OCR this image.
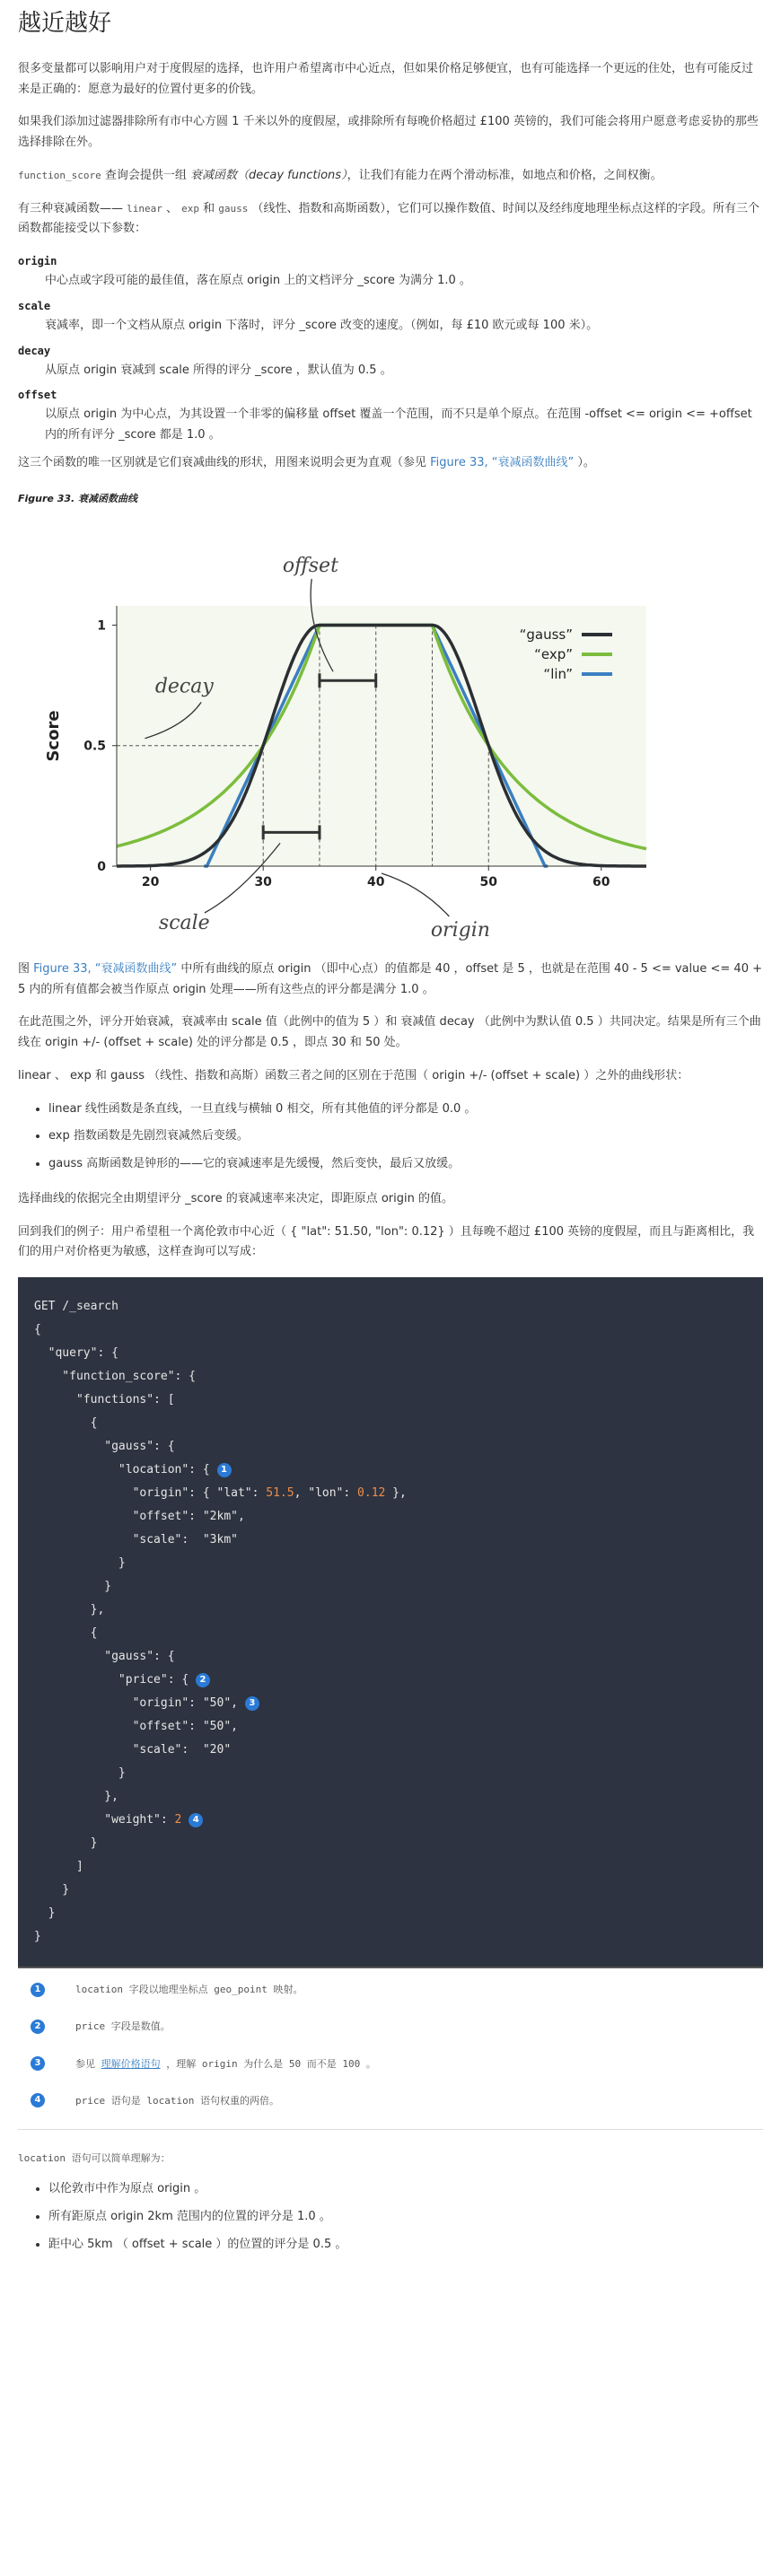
越近越好

很多变量都可以影响用户对于度假屋的选择，也许用户希望离市中心近点，但如果价格足够便宜，也有可能选择一个更远的住处，也有可能反过来是正确的：愿意为最好的位置付更多的价钱。

如果我们添加过滤器排除所有市中心方圆 1 千米以外的度假屋，或排除所有每晚价格超过 £100 英镑的，我们可能会将用户愿意考虑妥协的那些选择排除在外。

function_score 查询会提供一组 衰减函数（decay functions），让我们有能力在两个滑动标准，如地点和价格，之间权衡。

有三种衰减函数—— linear 、 exp 和 gauss （线性、指数和高斯函数），它们可以操作数值、时间以及经纬度地理坐标点这样的字段。所有三个函数都能接受以下参数：

origin
中心点或字段可能的最佳值，落在原点 origin 上的文档评分 _score 为满分 1.0 。
scale
衰减率，即一个文档从原点 origin 下落时，评分 _score 改变的速度。（例如，每 £10 欧元或每 100 米）。
decay
从原点 origin 衰减到 scale 所得的评分 _score ，默认值为 0.5 。
offset
以原点 origin 为中心点，为其设置一个非零的偏移量 offset 覆盖一个范围，而不只是单个原点。在范围 -offset <= origin <= +offset 内的所有评分 _score 都是 1.0 。

这三个函数的唯一区别就是它们衰减曲线的形状，用图来说明会更为直观（参见 Figure 33, “衰减函数曲线” ）。

Figure 33. 衰减函数曲线
20	30	40	50	60
0
0.5
1
Score
offset
decay
scale	origin
“gauss”
“exp”
“lin”

图 Figure 33, “衰减函数曲线” 中所有曲线的原点 origin （即中心点）的值都是 40 ，offset 是 5 ，也就是在范围 40 - 5 <= value <= 40 + 5 内的所有值都会被当作原点 origin 处理——所有这些点的评分都是满分 1.0 。

在此范围之外，评分开始衰减，衰减率由 scale 值（此例中的值为 5 ）和 衰减值 decay （此例中为默认值 0.5 ）共同决定。结果是所有三个曲线在 origin +/- (offset + scale) 处的评分都是 0.5 ，即点 30 和 50 处。

linear 、 exp 和 gauss （线性、指数和高斯）函数三者之间的区别在于范围（ origin +/- (offset + scale) ）之外的曲线形状：

• linear 线性函数是条直线，一旦直线与横轴 0 相交，所有其他值的评分都是 0.0 。
• exp 指数函数是先剧烈衰减然后变缓。
• gauss 高斯函数是钟形的——它的衰减速率是先缓慢，然后变快，最后又放缓。

选择曲线的依据完全由期望评分 _score 的衰减速率来决定，即距原点 origin 的值。

回到我们的例子：用户希望租一个离伦敦市中心近（ { "lat": 51.50, "lon": 0.12} ）且每晚不超过 £100 英镑的度假屋，而且与距离相比，我们的用户对价格更为敏感，这样查询可以写成：

GET /_search
{
"query": {
"function_score": {
"functions": [
{
"gauss": {
"location": { 1
"origin": { "lat": 51.5, "lon": 0.12 },
"offset": "2km",
"scale":  "3km"
}
}
},
{
"gauss": {
"price": { 2
"origin": "50", 3
"offset": "50",
"scale":  "20"
}
},
"weight": 2 4
}
]
}
}
}
1	location 字段以地理坐标点 geo_point 映射。
2	price 字段是数值。
3	参见 理解价格语句 ，理解 origin 为什么是 50 而不是 100 。
4	price 语句是 location 语句权重的两倍。

location 语句可以简单理解为：

• 以伦敦市中作为原点 origin 。
• 所有距原点 origin 2km 范围内的位置的评分是 1.0 。
• 距中心 5km （ offset + scale ）的位置的评分是 0.5 。
